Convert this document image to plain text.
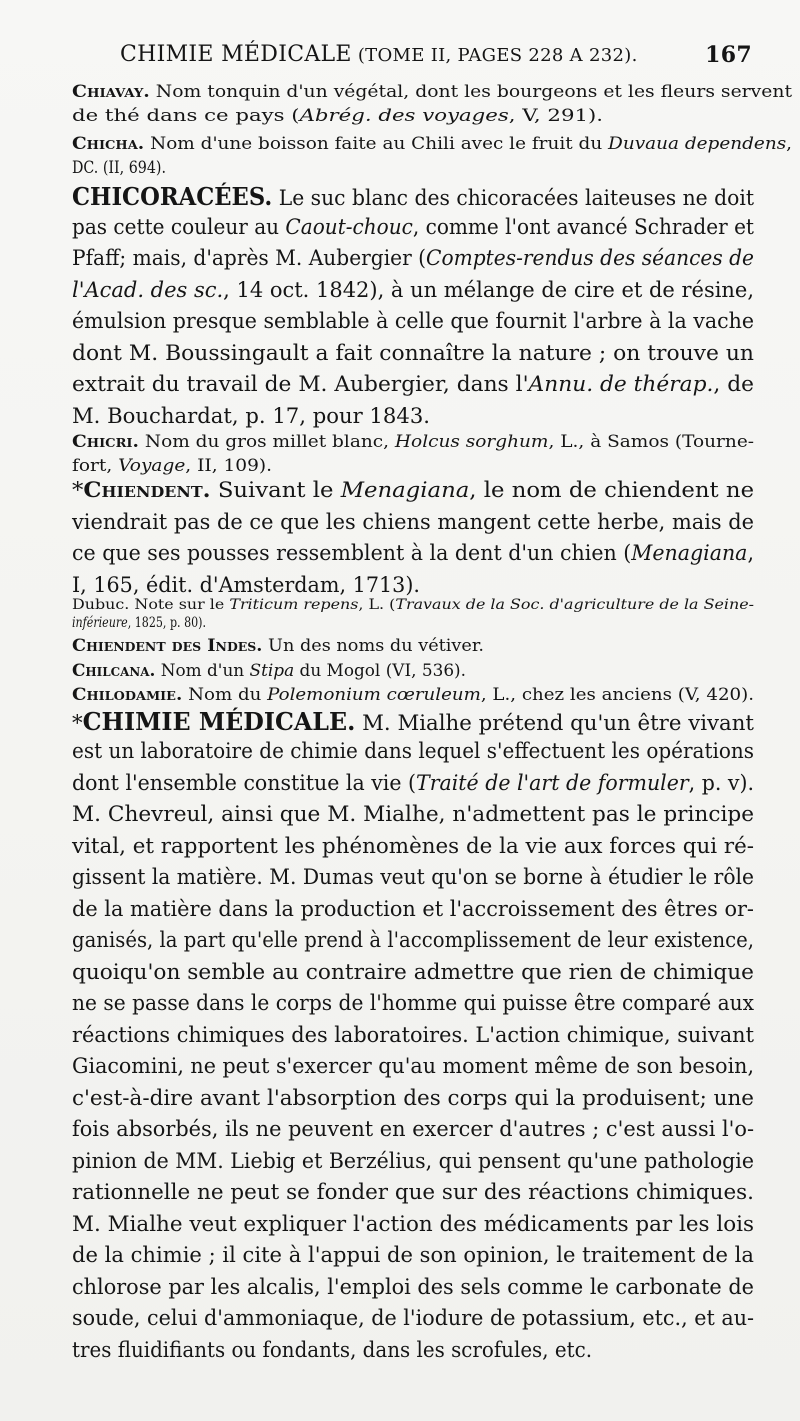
CHIMIE MÉDICALE (TOME II, PAGES 228 A 232).	167
Chiavay. Nom tonquin d'un végétal, dont les bourgeons et les fleurs servent
de thé dans ce pays (Abrég. des voyages, V, 291).
Chicha. Nom d'une boisson faite au Chili avec le fruit du Duvaua dependens,
DC. (II, 694).
CHICORACÉES. Le suc blanc des chicoracées laiteuses ne doit
pas cette couleur au Caout-chouc, comme l'ont avancé Schrader et
Pfaff; mais, d'après M. Aubergier (Comptes-rendus des séances de
l'Acad. des sc., 14 oct. 1842), à un mélange de cire et de résine,
émulsion presque semblable à celle que fournit l'arbre à la vache
dont M. Boussingault a fait connaître la nature ; on trouve un
extrait du travail de M. Aubergier, dans l'Annu. de thérap., de
M. Bouchardat, p. 17, pour 1843.
Chicri. Nom du gros millet blanc, Holcus sorghum, L., à Samos (Tourne-
fort, Voyage, II, 109).
*Chiendent. Suivant le Menagiana, le nom de chiendent ne
viendrait pas de ce que les chiens mangent cette herbe, mais de
ce que ses pousses ressemblent à la dent d'un chien (Menagiana,
I, 165, édit. d'Amsterdam, 1713).
Dubuc. Note sur le Triticum repens, L. (Travaux de la Soc. d'agriculture de la Seine-
inférieure, 1825, p. 80).
Chiendent des Indes. Un des noms du vétiver.
Chilcana. Nom d'un Stipa du Mogol (VI, 536).
Chilodamie. Nom du Polemonium cœruleum, L., chez les anciens (V, 420).
*CHIMIE MÉDICALE. M. Mialhe prétend qu'un être vivant
est un laboratoire de chimie dans lequel s'effectuent les opérations
dont l'ensemble constitue la vie (Traité de l'art de formuler, p. v).
M. Chevreul, ainsi que M. Mialhe, n'admettent pas le principe
vital, et rapportent les phénomènes de la vie aux forces qui ré-
gissent la matière. M. Dumas veut qu'on se borne à étudier le rôle
de la matière dans la production et l'accroissement des êtres or-
ganisés, la part qu'elle prend à l'accomplissement de leur existence,
quoiqu'on semble au contraire admettre que rien de chimique
ne se passe dans le corps de l'homme qui puisse être comparé aux
réactions chimiques des laboratoires. L'action chimique, suivant
Giacomini, ne peut s'exercer qu'au moment même de son besoin,
c'est-à-dire avant l'absorption des corps qui la produisent; une
fois absorbés, ils ne peuvent en exercer d'autres ; c'est aussi l'o-
pinion de MM. Liebig et Berzélius, qui pensent qu'une pathologie
rationnelle ne peut se fonder que sur des réactions chimiques.
M. Mialhe veut expliquer l'action des médicaments par les lois
de la chimie ; il cite à l'appui de son opinion, le traitement de la
chlorose par les alcalis, l'emploi des sels comme le carbonate de
soude, celui d'ammoniaque, de l'iodure de potassium, etc., et au-
tres fluidifiants ou fondants, dans les scrofules, etc.
